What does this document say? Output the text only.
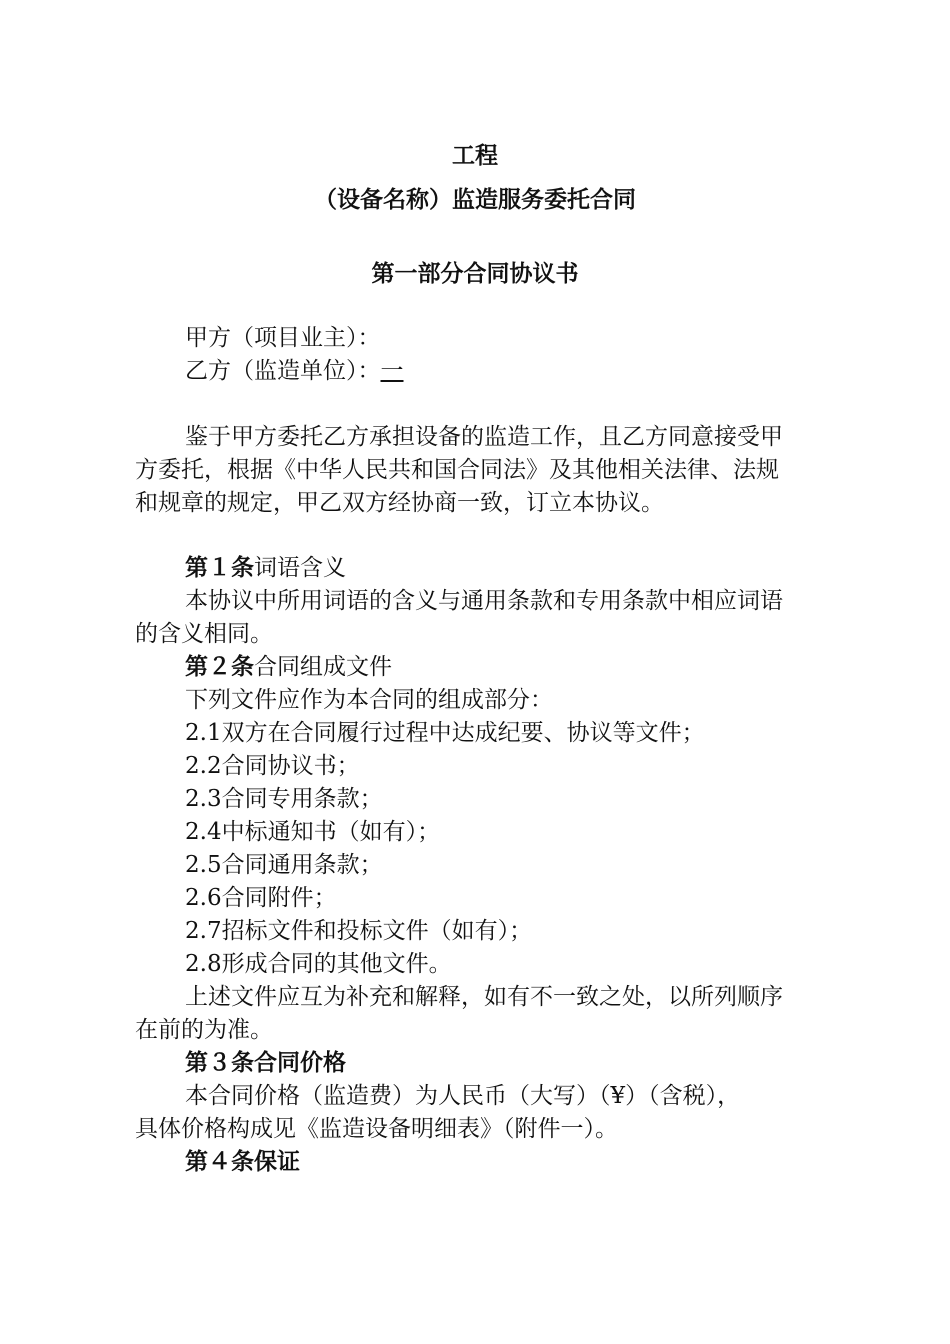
工程
（设备名称）监造服务委托合同
第一部分合同协议书

甲方（项目业主）：

乙方（监造单位）：一

鉴于甲方委托乙方承担设备的监造工作，且乙方同意接受甲

方委托，根据《中华人民共和国合同法》及其他相关法律、法规

和规章的规定，甲乙双方经协商一致，订立本协议。

第１条词语含义

本协议中所用词语的含义与通用条款和专用条款中相应词语

的含义相同。

第２条合同组成文件

下列文件应作为本合同的组成部分：

2.1双方在合同履行过程中达成纪要、协议等文件；

2.2合同协议书；

2.3合同专用条款；

2.4中标通知书（如有）；

2.5合同通用条款；

2.6合同附件；

2.7招标文件和投标文件（如有）；

2.8形成合同的其他文件。

上述文件应互为补充和解释，如有不一致之处，以所列顺序

在前的为准。

第３条合同价格

本合同价格（监造费）为人民币（大写）（¥）（含税），

具体价格构成见《监造设备明细表》（附件一）。

第４条保证
